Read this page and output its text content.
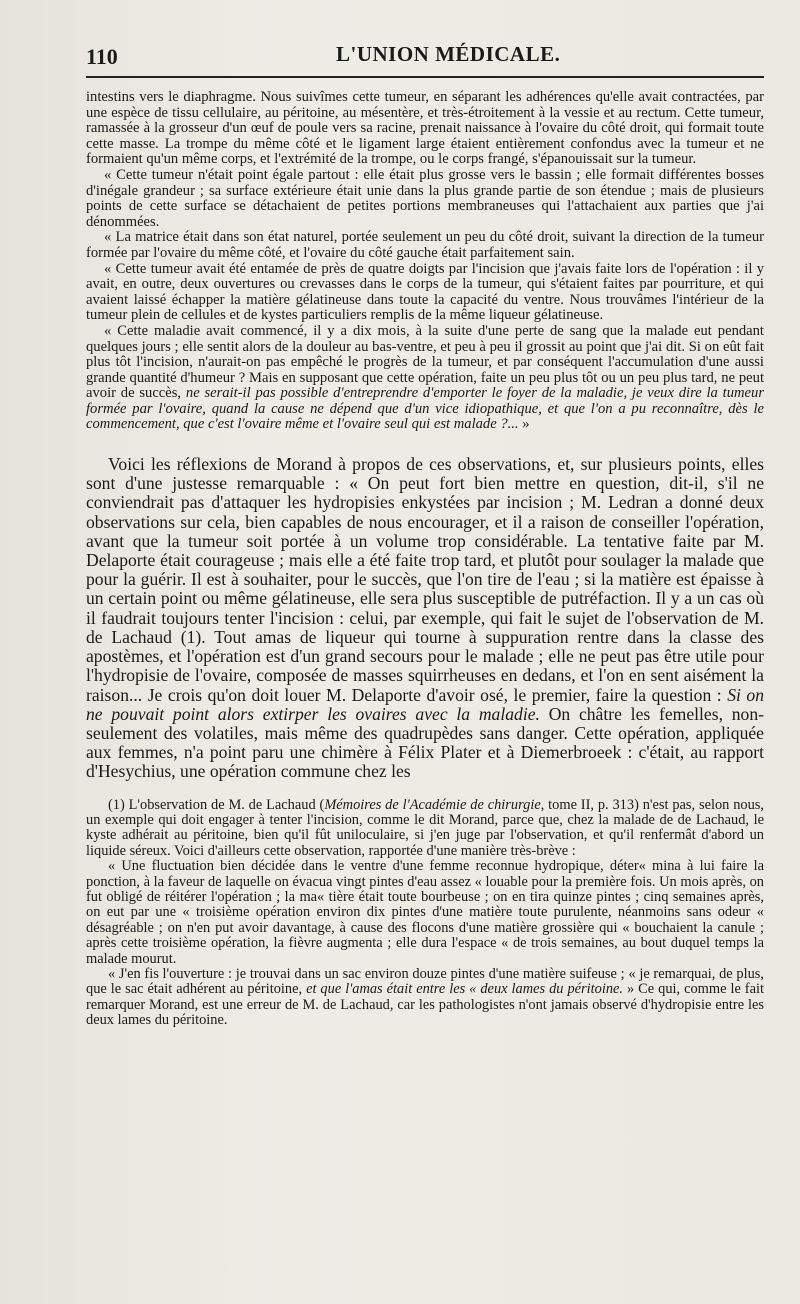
110	L'UNION MÉDICALE.

intestins vers le diaphragme. Nous suivîmes cette tumeur, en séparant les adhérences qu'elle avait contractées, par une espèce de tissu cellulaire, au péritoine, au mésentère, et très-étroitement à la vessie et au rectum. Cette tumeur, ramassée à la grosseur d'un œuf de poule vers sa racine, prenait naissance à l'ovaire du côté droit, qui formait toute cette masse. La trompe du même côté et le ligament large étaient entièrement confondus avec la tumeur et ne formaient qu'un même corps, et l'extrémité de la trompe, ou le corps frangé, s'épanouissait sur la tumeur.

« Cette tumeur n'était point égale partout : elle était plus grosse vers le bassin ; elle formait différentes bosses d'inégale grandeur ; sa surface extérieure était unie dans la plus grande partie de son étendue ; mais de plusieurs points de cette surface se détachaient de petites portions membraneuses qui l'attachaient aux parties que j'ai dénommées.

« La matrice était dans son état naturel, portée seulement un peu du côté droit, suivant la direction de la tumeur formée par l'ovaire du même côté, et l'ovaire du côté gauche était parfaitement sain.

« Cette tumeur avait été entamée de près de quatre doigts par l'incision que j'avais faite lors de l'opération : il y avait, en outre, deux ouvertures ou crevasses dans le corps de la tumeur, qui s'étaient faites par pourriture, et qui avaient laissé échapper la matière gélatineuse dans toute la capacité du ventre. Nous trouvâmes l'intérieur de la tumeur plein de cellules et de kystes particuliers remplis de la même liqueur gélatineuse.

« Cette maladie avait commencé, il y a dix mois, à la suite d'une perte de sang que la malade eut pendant quelques jours ; elle sentit alors de la douleur au bas-ventre, et peu à peu il grossit au point que j'ai dit. Si on eût fait plus tôt l'incision, n'aurait-on pas empêché le progrès de la tumeur, et par conséquent l'accumulation d'une aussi grande quantité d'humeur ? Mais en supposant que cette opération, faite un peu plus tôt ou un peu plus tard, ne peut avoir de succès, ne serait-il pas possible d'entreprendre d'emporter le foyer de la maladie, je veux dire la tumeur formée par l'ovaire, quand la cause ne dépend que d'un vice idiopathique, et que l'on a pu reconnaître, dès le commencement, que c'est l'ovaire même et l'ovaire seul qui est malade ?... »

Voici les réflexions de Morand à propos de ces observations, et, sur plusieurs points, elles sont d'une justesse remarquable : « On peut fort bien mettre en question, dit-il, s'il ne conviendrait pas d'attaquer les hydropisies enkystées par incision ; M. Ledran a donné deux observations sur cela, bien capables de nous encourager, et il a raison de conseiller l'opération, avant que la tumeur soit portée à un volume trop considérable. La tentative faite par M. Delaporte était courageuse ; mais elle a été faite trop tard, et plutôt pour soulager la malade que pour la guérir. Il est à souhaiter, pour le succès, que l'on tire de l'eau ; si la matière est épaisse à un certain point ou même gélatineuse, elle sera plus susceptible de putréfaction. Il y a un cas où il faudrait toujours tenter l'incision : celui, par exemple, qui fait le sujet de l'observation de M. de Lachaud (1). Tout amas de liqueur qui tourne à suppuration rentre dans la classe des apostèmes, et l'opération est d'un grand secours pour le malade ; elle ne peut pas être utile pour l'hydropisie de l'ovaire, composée de masses squirrheuses en dedans, et l'on en sent aisément la raison... Je crois qu'on doit louer M. Delaporte d'avoir osé, le premier, faire la question : Si on ne pouvait point alors extirper les ovaires avec la maladie. On châtre les femelles, non-seulement des volatiles, mais même des quadrupèdes sans danger. Cette opération, appliquée aux femmes, n'a point paru une chimère à Félix Plater et à Diemerbroeek : c'était, au rapport d'Hesychius, une opération commune chez les

(1) L'observation de M. de Lachaud (Mémoires de l'Académie de chirurgie, tome II, p. 313) n'est pas, selon nous, un exemple qui doit engager à tenter l'incision, comme le dit Morand, parce que, chez la malade de de Lachaud, le kyste adhérait au péritoine, bien qu'il fût uniloculaire, si j'en juge par l'observation, et qu'il renfermât d'abord un liquide séreux. Voici d'ailleurs cette observation, rapportée d'une manière très-brève :

« Une fluctuation bien décidée dans le ventre d'une femme reconnue hydropique, déter« mina à lui faire la ponction, à la faveur de laquelle on évacua vingt pintes d'eau assez « louable pour la première fois. Un mois après, on fut obligé de réitérer l'opération ; la ma« tière était toute bourbeuse ; on en tira quinze pintes ; cinq semaines après, on eut par une « troisième opération environ dix pintes d'une matière toute purulente, néanmoins sans odeur « désagréable ; on n'en put avoir davantage, à cause des flocons d'une matière grossière qui « bouchaient la canule ; après cette troisième opération, la fièvre augmenta ; elle dura l'espace « de trois semaines, au bout duquel temps la malade mourut.

« J'en fis l'ouverture : je trouvai dans un sac environ douze pintes d'une matière suifeuse ; « je remarquai, de plus, que le sac était adhérent au péritoine, et que l'amas était entre les « deux lames du péritoine. » Ce qui, comme le fait remarquer Morand, est une erreur de M. de Lachaud, car les pathologistes n'ont jamais observé d'hydropisie entre les deux lames du péritoine.
